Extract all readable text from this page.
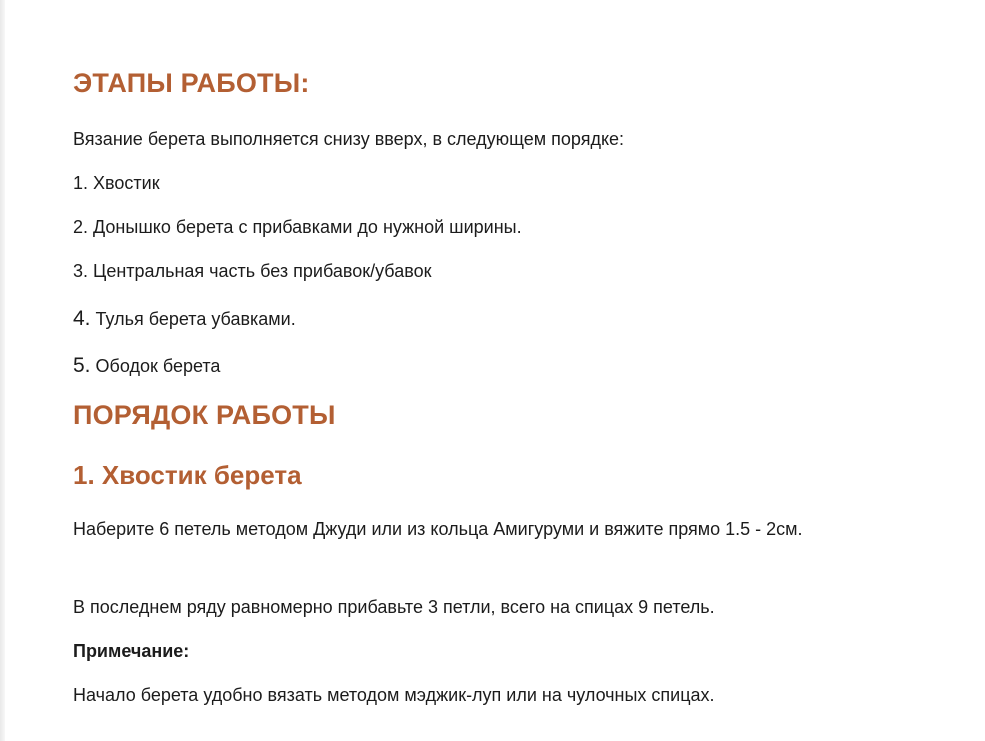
ЭТАПЫ РАБОТЫ:

Вязание берета выполняется снизу вверх, в следующем порядке:

1. Хвостик

2. Донышко берета с прибавками до нужной ширины.

3. Центральная часть без прибавок/убавок

4. Тулья берета убавками.

5. Ободок берета

ПОРЯДОК РАБОТЫ
1. Хвостик берета

Наберите 6 петель методом Джуди или из кольца Амигуруми и вяжите прямо 1.5 - 2см.

В последнем ряду равномерно прибавьте 3 петли, всего на спицах 9 петель.

Примечание:

Начало берета удобно вязать методом мэджик-луп или на чулочных спицах.
